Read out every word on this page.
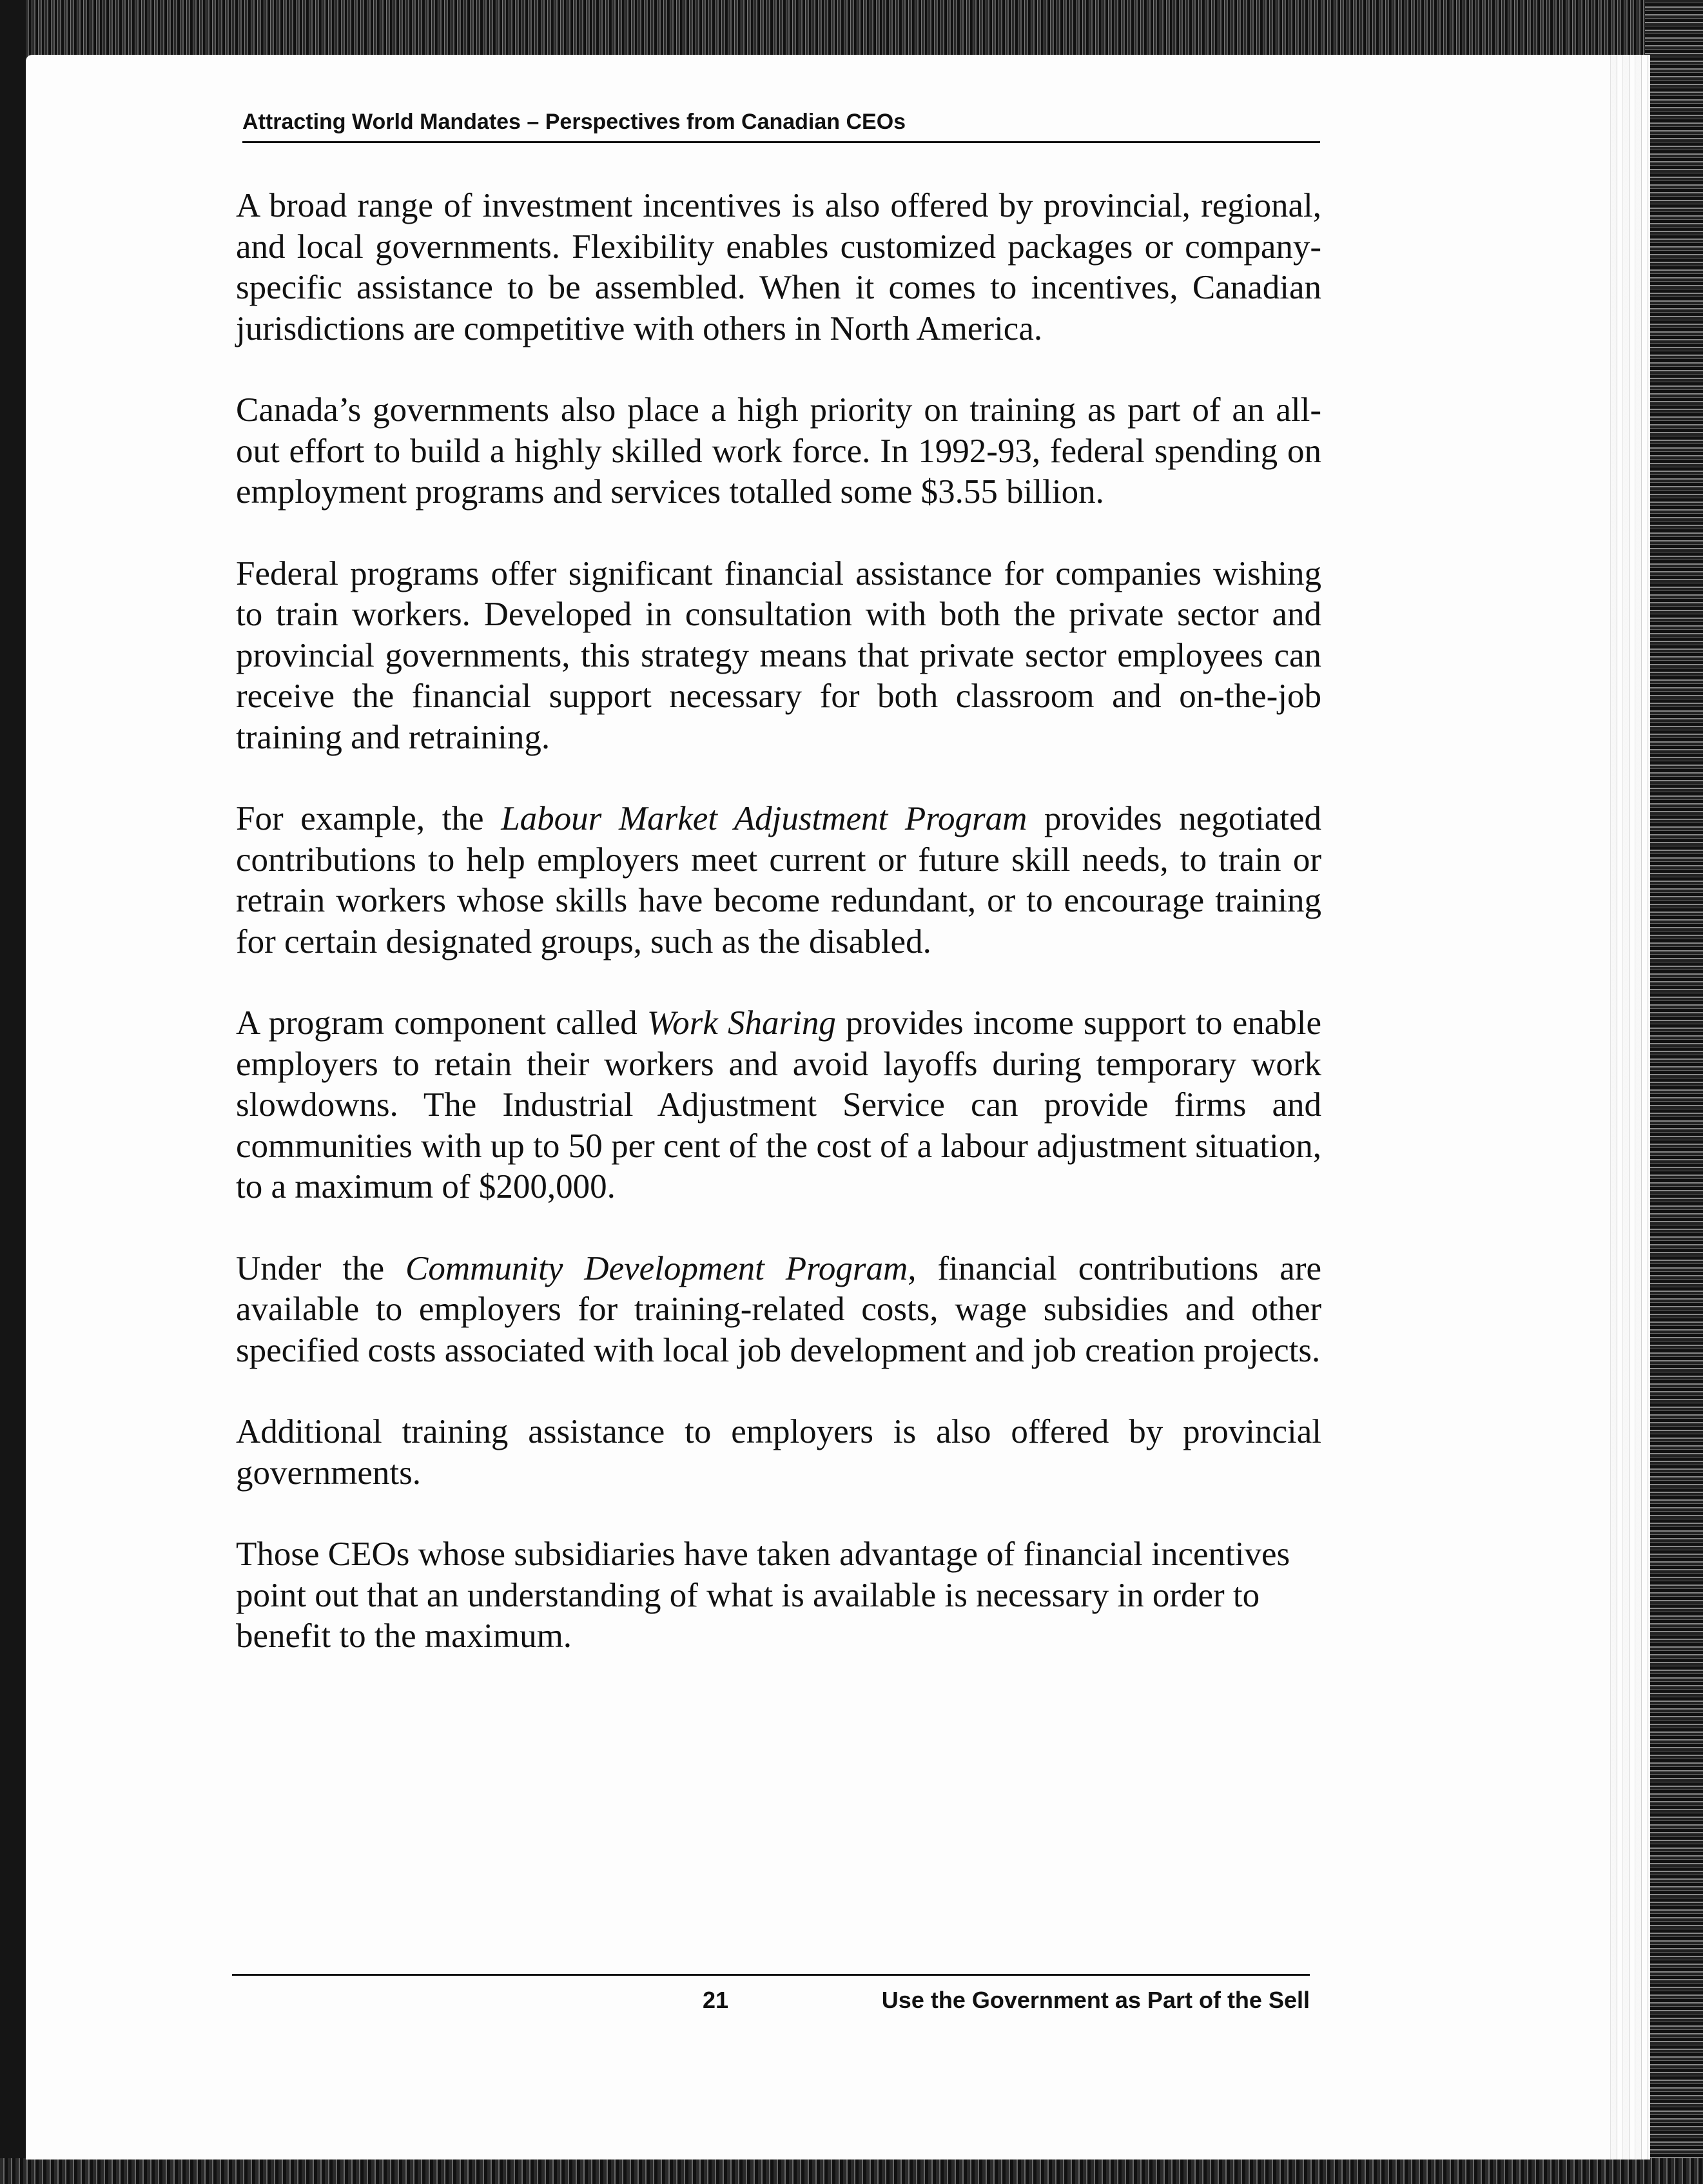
Attracting World Mandates – Perspectives from Canadian CEOs

A broad range of investment incentives is also offered by provincial, regional, and local governments. Flexibility enables customized packages or company-specific assistance to be assembled. When it comes to incentives, Canadian jurisdictions are competitive with others in North America.

Canada’s governments also place a high priority on training as part of an all-out effort to build a highly skilled work force. In 1992-93, federal spending on employment programs and services totalled some $3.55 billion.

Federal programs offer significant financial assistance for companies wishing to train workers. Developed in consultation with both the private sector and provincial governments, this strategy means that private sector employees can receive the financial support necessary for both classroom and on-the-job training and retraining.

For example, the Labour Market Adjustment Program provides negotiated contributions to help employers meet current or future skill needs, to train or retrain workers whose skills have become redundant, or to encourage training for certain designated groups, such as the disabled.

A program component called Work Sharing provides income support to enable employers to retain their workers and avoid layoffs during temporary work slowdowns. The Industrial Adjustment Service can provide firms and communities with up to 50 per cent of the cost of a labour adjustment situation, to a maximum of $200,000.

Under the Community Development Program, financial contributions are available to employers for training-related costs, wage subsidies and other specified costs associated with local job development and job creation projects.

Additional training assistance to employers is also offered by provincial governments.

Those CEOs whose subsidiaries have taken advantage of financial incentives point out that an understanding of what is available is necessary in order to benefit to the maximum.

21	Use the Government as Part of the Sell
